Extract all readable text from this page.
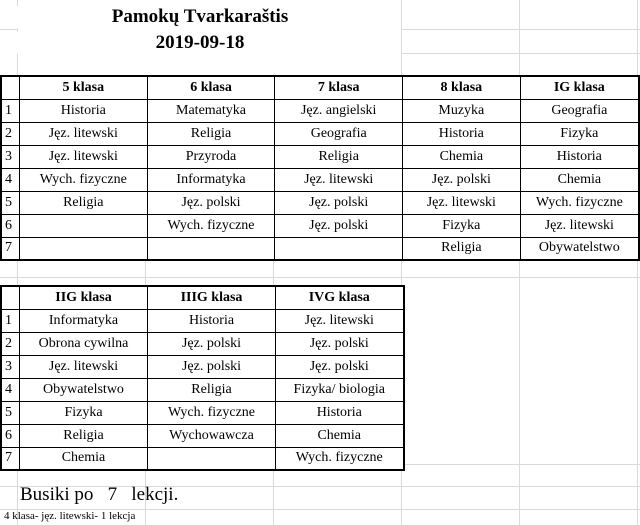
Pamokų Tvarkaraštis
2019-09-18
	5 klasa	6 klasa	7 klasa	8 klasa	IG klasa
1	Historia	Matematyka	Jęz. angielski	Muzyka	Geografia
2	Jęz. litewski	Religia	Geografia	Historia	Fizyka
3	Jęz. litewski	Przyroda	Religia	Chemia	Historia
4	Wych. fizyczne	Informatyka	Jęz. litewski	Jęz. polski	Chemia
5	Religia	Jęz. polski	Jęz. polski	Jęz. litewski	Wych. fizyczne
6		Wych. fizyczne	Jęz. polski	Fizyka	Jęz. litewski
7				Religia	Obywatelstwo
	IIG klasa	IIIG klasa	IVG klasa
1	Informatyka	Historia	Jęz. litewski
2	Obrona cywilna	Jęz. polski	Jęz. polski
3	Jęz. litewski	Jęz. polski	Jęz. polski
4	Obywatelstwo	Religia	Fizyka/ biologia
5	Fizyka	Wych. fizyczne	Historia
6	Religia	Wychowawcza	Chemia
7	Chemia		Wych. fizyczne
Busiki po   7   lekcji.
4 klasa- jęz. litewski- 1 lekcja
